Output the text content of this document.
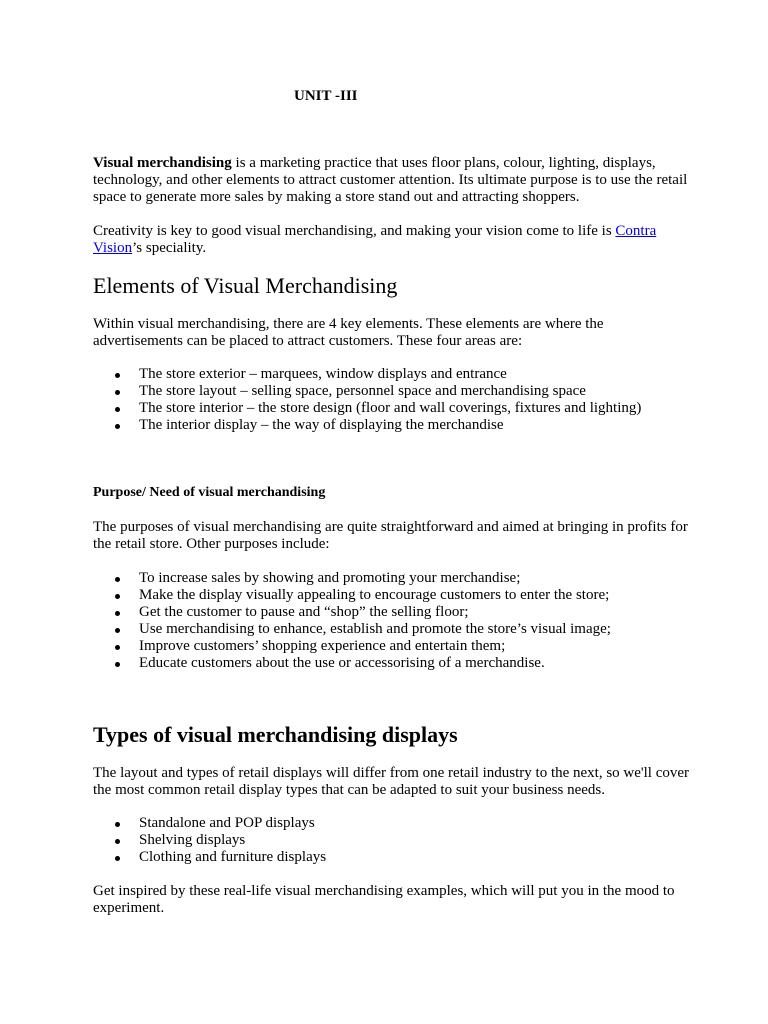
UNIT -III

Visual merchandising is a marketing practice that uses floor plans, colour, lighting, displays, technology, and other elements to attract customer attention. Its ultimate purpose is to use the retail space to generate more sales by making a store stand out and attracting shoppers.

Creativity is key to good visual merchandising, and making your vision come to life is Contra Vision’s speciality.

Elements of Visual Merchandising

Within visual merchandising, there are 4 key elements. These elements are where the advertisements can be placed to attract customers. These four areas are:

The store exterior – marquees, window displays and entrance
The store layout – selling space, personnel space and merchandising space
The store interior – the store design (floor and wall coverings, fixtures and lighting)
The interior display – the way of displaying the merchandise
Purpose/ Need of visual merchandising

The purposes of visual merchandising are quite straightforward and aimed at bringing in profits for the retail store. Other purposes include:

To increase sales by showing and promoting your merchandise;
Make the display visually appealing to encourage customers to enter the store;
Get the customer to pause and “shop” the selling floor;
Use merchandising to enhance, establish and promote the store’s visual image;
Improve customers’ shopping experience and entertain them;
Educate customers about the use or accessorising of a merchandise.
Types of visual merchandising displays

The layout and types of retail displays will differ from one retail industry to the next, so we'll cover the most common retail display types that can be adapted to suit your business needs.

Standalone and POP displays
Shelving displays
Clothing and furniture displays

Get inspired by these real-life visual merchandising examples, which will put you in the mood to experiment.
